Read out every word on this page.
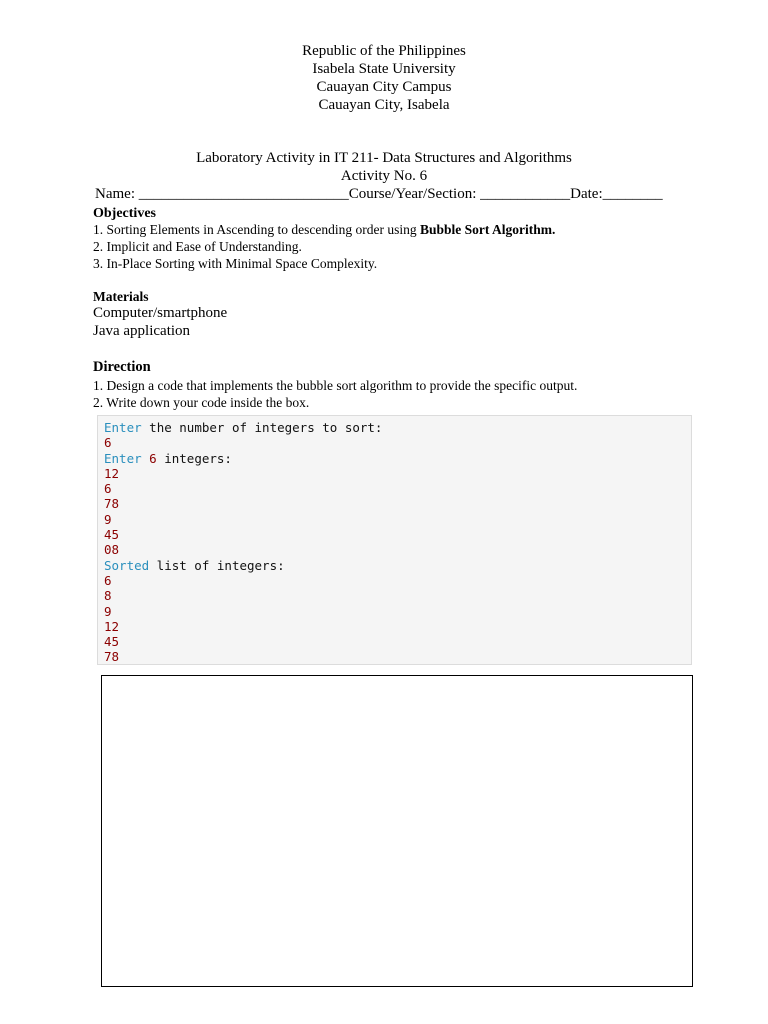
Republic of the Philippines
Isabela State University
Cauayan City Campus
Cauayan City, Isabela
Laboratory Activity in IT 211- Data Structures and Algorithms
Activity No. 6
Name: ____________________________Course/Year/Section: ____________Date:________
Objectives
1. Sorting Elements in Ascending to descending order using Bubble Sort Algorithm.
2. Implicit and Ease of Understanding.
3. In-Place Sorting with Minimal Space Complexity.
Materials
Computer/smartphone
Java application
Direction
1. Design a code that implements the bubble sort algorithm to provide the specific output.
2. Write down your code inside the box.
Enter the number of integers to sort:
6
Enter 6 integers:
12
6
78
9
45
08
Sorted list of integers:
6
8
9
12
45
78
